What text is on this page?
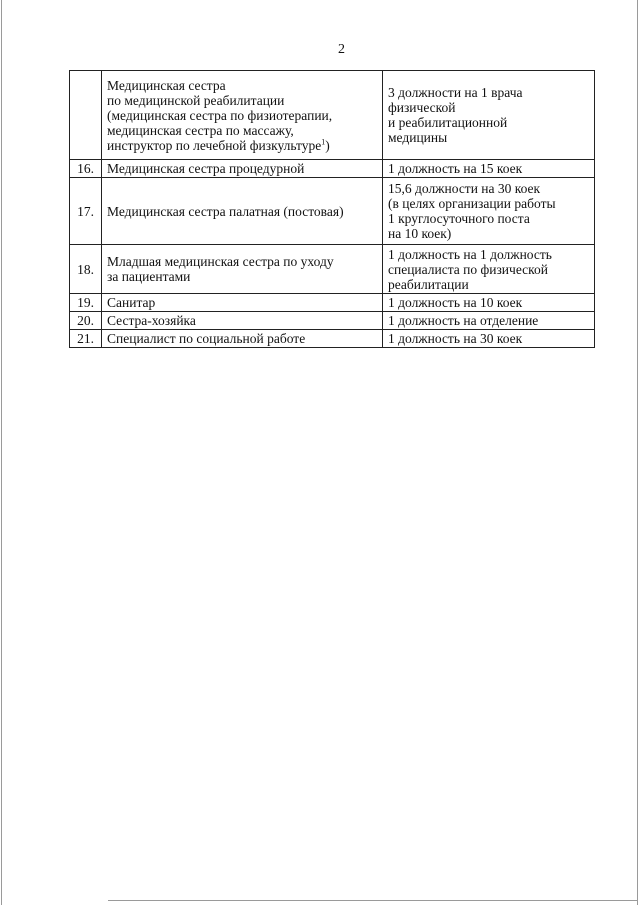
2
	Медицинская сестра
по медицинской реабилитации
(медицинская сестра по физиотерапии,
медицинская сестра по массажу,
инструктор по лечебной физкультуре$^1$)	3 должности на 1 врача
физической
и реабилитационной
медицины
16.	Медицинская сестра процедурной	1 должность на 15 коек
17.	Медицинская сестра палатная (постовая)	15,6 должности на 30 коек
(в целях организации работы
1 круглосуточного поста
на 10 коек)
18.	Младшая медицинская сестра по уходу
за пациентами	1 должность на 1 должность
специалиста по физической
реабилитации
19.	Санитар	1 должность на 10 коек
20.	Сестра-хозяйка	1 должность на отделение
21.	Специалист по социальной работе	1 должность на 30 коек
